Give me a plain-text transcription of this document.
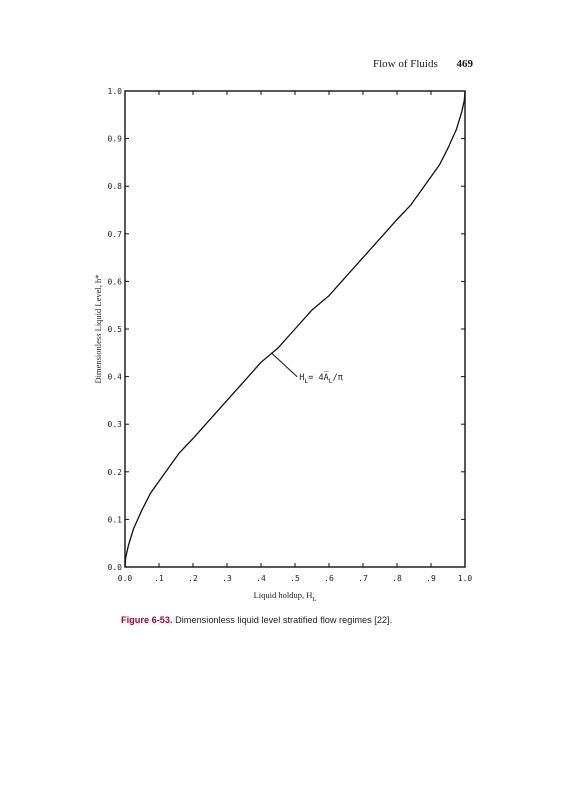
Flow of Fluids 469
0.0	.1	.2	.3	.4	.5	.6	.7	.8	.9	1.0
0.0
0.1
0.2
0.3
0.4
0.5
0.6
0.7
0.8
0.9
1.0
$H_L=$ $4A̅_L/\pi$
Liquid holdup, $H_L$
Dimensionless Liquid Level, h*
Figure 6-53. Dimensionless liquid level stratified flow regimes [22].
